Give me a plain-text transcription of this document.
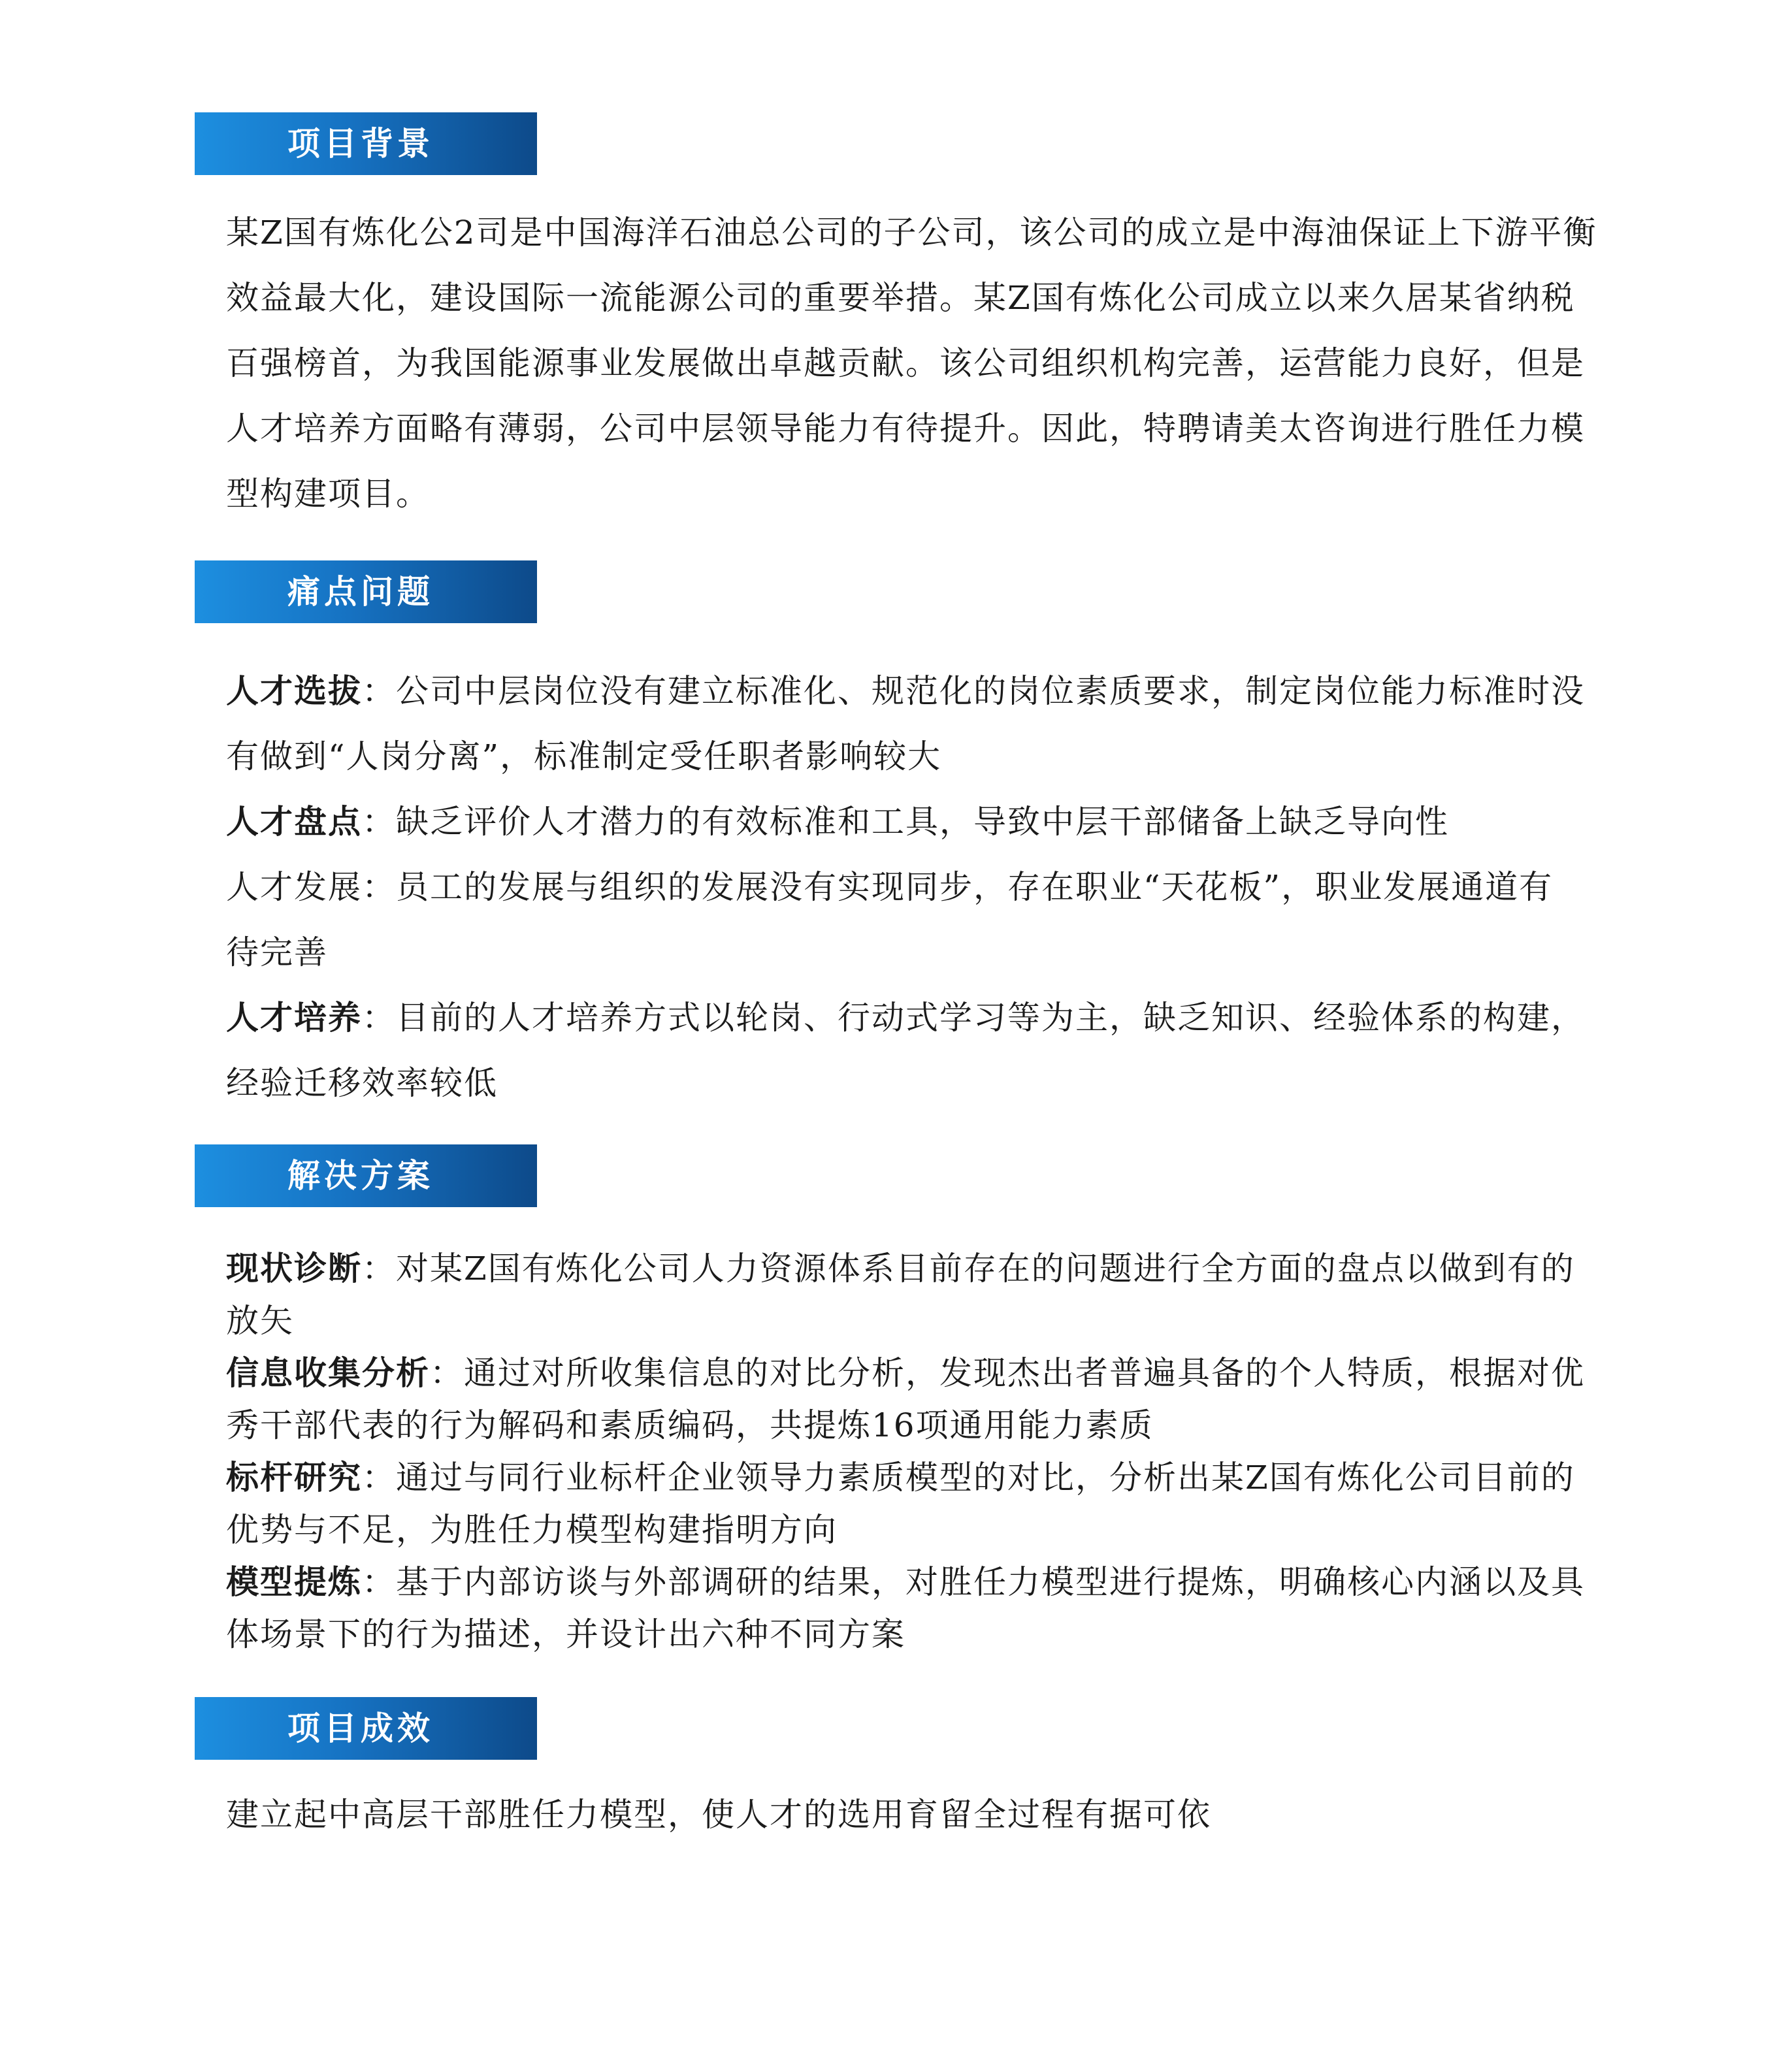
项目背景
某Z国有炼化公2司是中国海洋石油总公司的子公司，该公司的成立是中海油保证上下游平衡效益最大化，建设国际一流能源公司的重要举措。某Z国有炼化公司成立以来久居某省纳税百强榜首，为我国能源事业发展做出卓越贡献。该公司组织机构完善，运营能力良好，但是人才培养方面略有薄弱，公司中层领导能力有待提升。因此，特聘请美太咨询进行胜任力模型构建项目。
痛点问题
人才选拔：公司中层岗位没有建立标准化、规范化的岗位素质要求，制定岗位能力标准时没有做到“人岗分离”，标准制定受任职者影响较大
人才盘点：缺乏评价人才潜力的有效标准和工具，导致中层干部储备上缺乏导向性
人才发展：员工的发展与组织的发展没有实现同步，存在职业“天花板”，职业发展通道有待完善
人才培养：目前的人才培养方式以轮岗、行动式学习等为主，缺乏知识、经验体系的构建，经验迁移效率较低
解决方案
现状诊断：对某Z国有炼化公司人力资源体系目前存在的问题进行全方面的盘点以做到有的放矢
信息收集分析：通过对所收集信息的对比分析，发现杰出者普遍具备的个人特质，根据对优秀干部代表的行为解码和素质编码，共提炼16项通用能力素质
标杆研究：通过与同行业标杆企业领导力素质模型的对比，分析出某Z国有炼化公司目前的优势与不足，为胜任力模型构建指明方向
模型提炼：基于内部访谈与外部调研的结果，对胜任力模型进行提炼，明确核心内涵以及具体场景下的行为描述，并设计出六种不同方案
项目成效
建立起中高层干部胜任力模型，使人才的选用育留全过程有据可依
